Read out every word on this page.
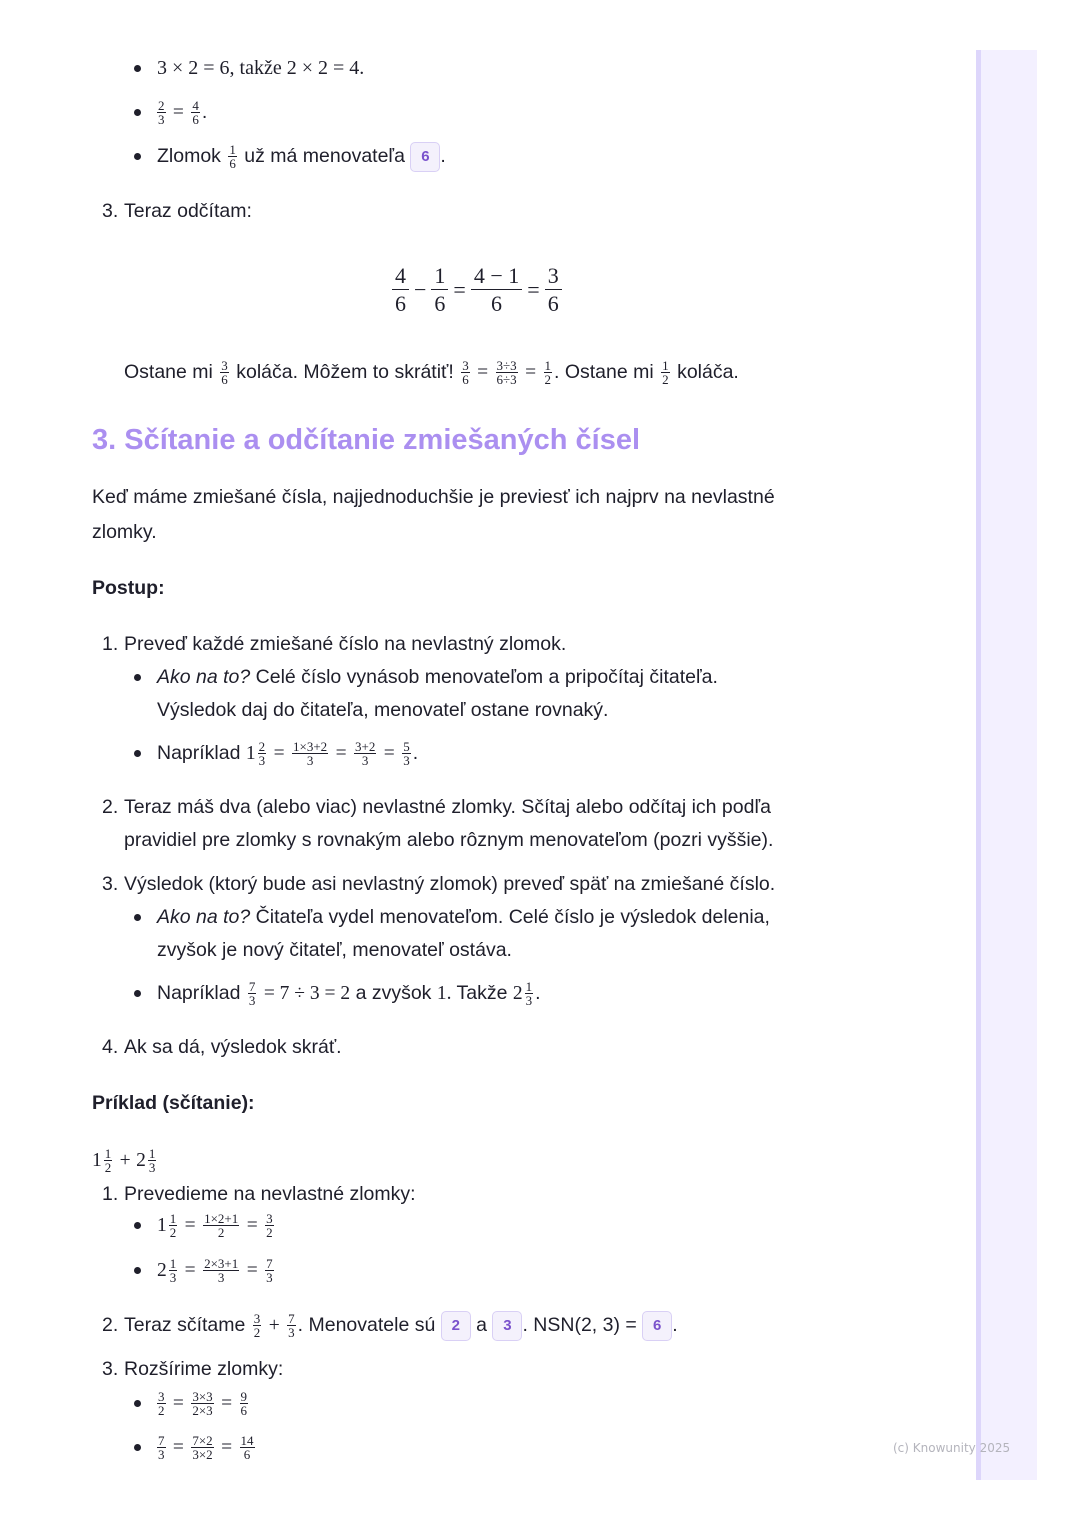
(c) Knowunity 2025
3 × 2 = 6, takže 2 × 2 = 4.
$\frac{2}{3} = \frac{4}{6}$ .
Zlomok $\frac{1}{6}$ už má menovateľa 6 .
3. Teraz odčítam:
$\frac{4}{6} - \frac{1}{6} = \frac{4 - 1}{6} = \frac{3}{6}$
Ostane mi $\frac{3}{6}$ koláča. Môžem to skrátiť! $\frac{3}{6} = \frac{3\div 3}{6\div 3} = \frac{1}{2}$ . Ostane mi $\frac{1}{2}$ koláča.
3. Sčítanie a odčítanie zmiešaných čísel
Keď máme zmiešané čísla, najjednoduchšie je previesť ich najprv na nevlastné
zlomky.
Postup:
1. Preveď každé zmiešané číslo na nevlastný zlomok.
Ako na to? Celé číslo vynásob menovateľom a pripočítaj čitateľa.
Výsledok daj do čitateľa, menovateľ ostane rovnaký.
Napríklad $1 \frac{2}{3} = \frac{1\times 3+2}{3} = \frac{3+2}{3} = \frac{5}{3}$ .
2. Teraz máš dva (alebo viac) nevlastné zlomky. Sčítaj alebo odčítaj ich podľa
pravidiel pre zlomky s rovnakým alebo rôznym menovateľom (pozri vyššie).
3. Výsledok (ktorý bude asi nevlastný zlomok) preveď späť na zmiešané číslo.
Ako na to? Čitateľa vydel menovateľom. Celé číslo je výsledok delenia,
zvyšok je nový čitateľ, menovateľ ostáva.
Napríklad $\frac{7}{3} = 7 \div 3 = 2$ a zvyšok 1. Takže $2 \frac{1}{3}$ .
4. Ak sa dá, výsledok skráť.
Príklad (sčítanie):
$1 \frac{1}{2} + 2 \frac{1}{3}$
1. Prevedieme na nevlastné zlomky:
$1 \frac{1}{2} = \frac{1\times 2+1}{2} = \frac{3}{2}$
$2 \frac{1}{3} = \frac{2\times 3+1}{3} = \frac{7}{3}$
2. Teraz sčítame $\frac{3}{2} + \frac{7}{3}$ . Menovatele sú 2 a 3 . NSN(2, 3) = 6 .
3. Rozšírime zlomky:
$\frac{3}{2} = \frac{3\times 3}{2\times 3} = \frac{9}{6}$
$\frac{7}{3} = \frac{7\times 2}{3\times 2} = \frac{14}{6}$
